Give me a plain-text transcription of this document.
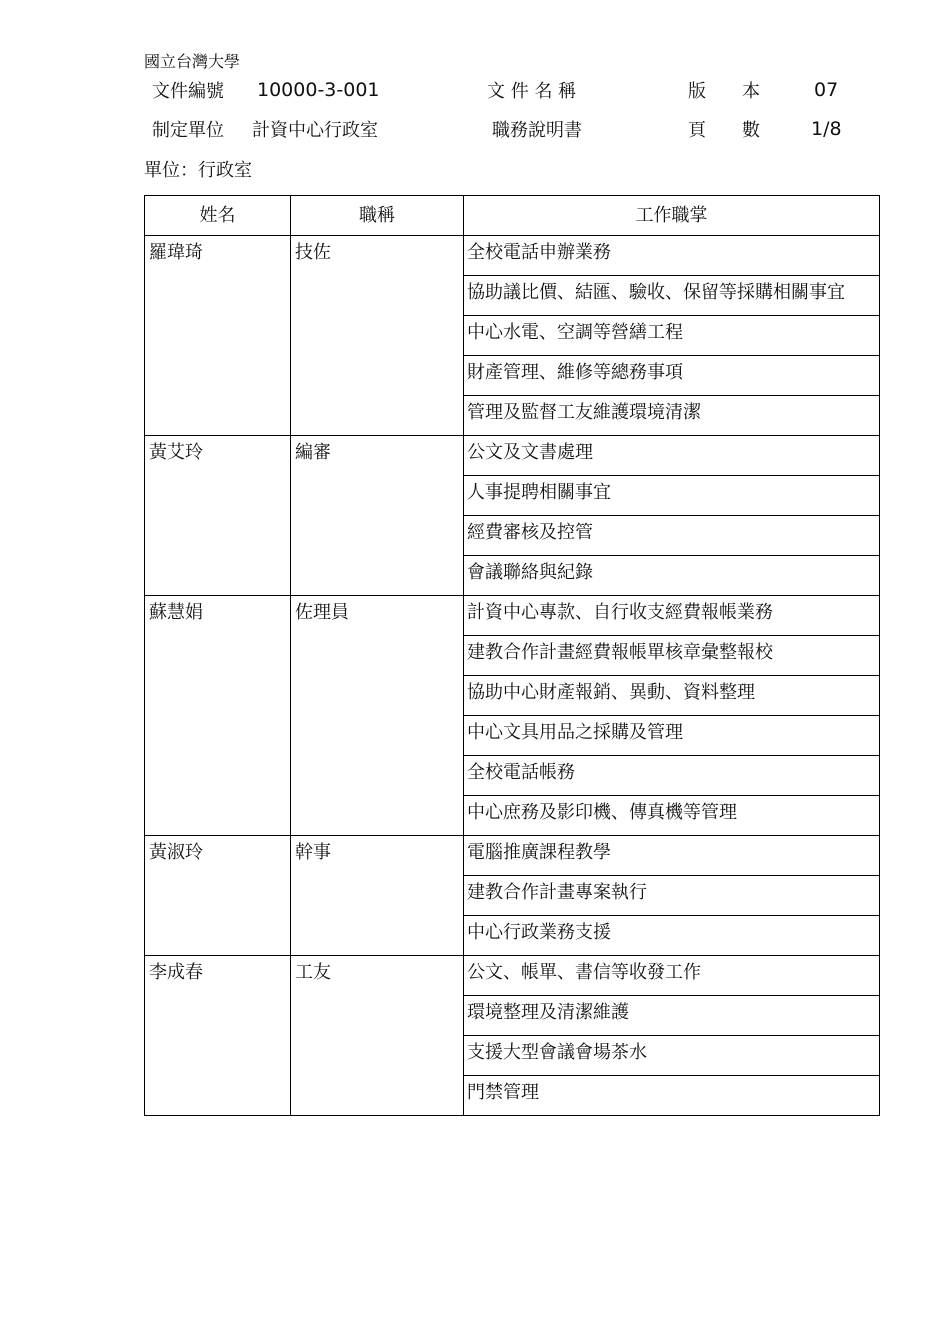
國立台灣大學
文件編號 10000-3-001	文 件 名 稱	版　　本	07
制定單位 計資中心行政室	職務說明書	頁　　數	1/8
單位：行政室
姓名	職稱	工作職掌
羅瑋琦	技佐	全校電話申辦業務
		協助議比價、結匯、驗收、保留等採購相關事宜
		中心水電、空調等營繕工程
		財產管理、維修等總務事項
		管理及監督工友維護環境清潔
黃艾玲	編審	公文及文書處理
		人事提聘相關事宜
		經費審核及控管
		會議聯絡與紀錄
蘇慧娟	佐理員	計資中心專款、自行收支經費報帳業務
		建教合作計畫經費報帳單核章彙整報校
		協助中心財產報銷、異動、資料整理
		中心文具用品之採購及管理
		全校電話帳務
		中心庶務及影印機、傳真機等管理
黃淑玲	幹事	電腦推廣課程教學
		建教合作計畫專案執行
		中心行政業務支援
李成春	工友	公文、帳單、書信等收發工作
		環境整理及清潔維護
		支援大型會議會場茶水
		門禁管理
